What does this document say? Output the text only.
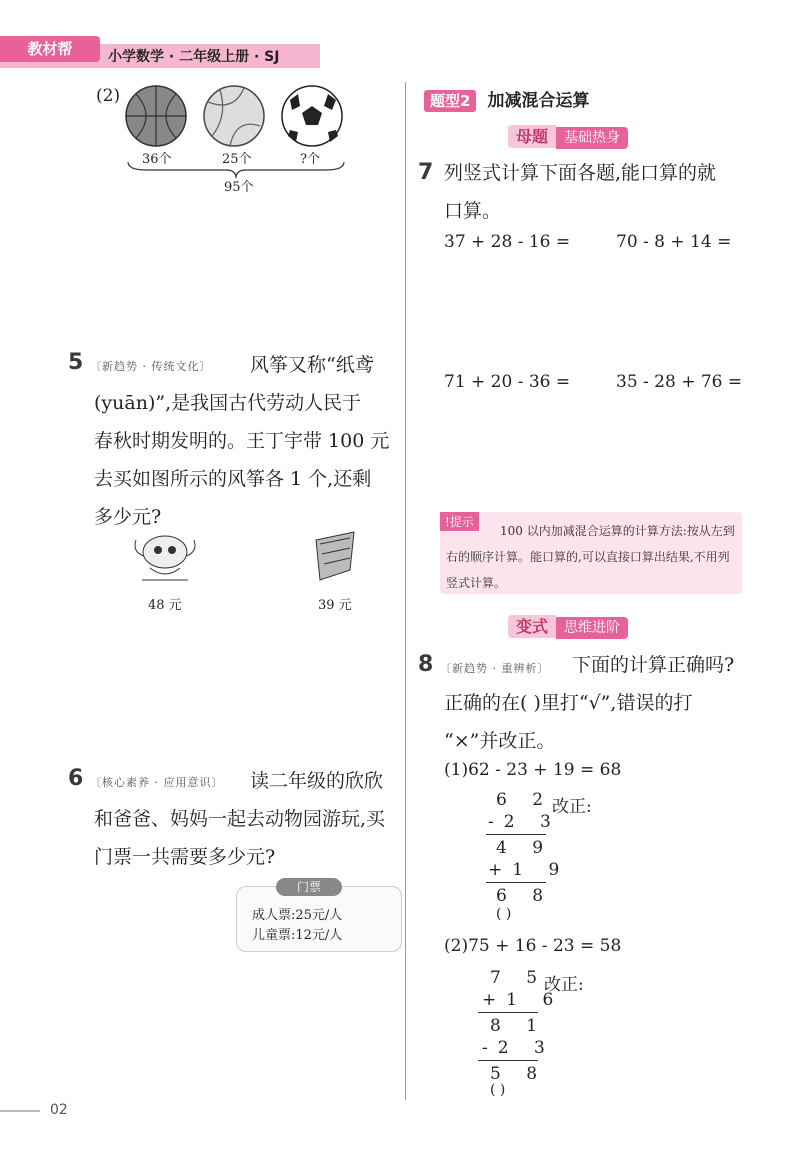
教材帮	小学数学 · 二年级上册 · SJ
(2)
36个	25个	?个
95个
5 〔新趋势 · 传统文化〕 风筝又称“纸鸢
(yuān)”,是我国古代劳动人民于
春秋时期发明的。王丁宇带 100 元
去买如图所示的风筝各 1 个,还剩
多少元?
48 元	39 元
6 〔核心素养 · 应用意识〕 读二年级的欣欣
和爸爸、妈妈一起去动物园游玩,买
门票一共需要多少元?
门票
成人票:25元/人
儿童票:12元/人
题型2 加减混合运算
母题 基础热身
7 列竖式计算下面各题,能口算的就
口算。
37 + 28 - 16 =	70 - 8 + 14 =
71 + 20 - 36 =	35 - 28 + 76 =
100 以内加减混合运算的计算方法:按从左到右的顺序计算。能口算的,可以直接口算出结果,不用列竖式计算。
!提示
变式 思维进阶
8 〔新趋势 · 重辨析〕 下面的计算正确吗?
正确的在( )里打“√”,错误的打
“×”并改正。
(1)62 - 23 + 19 = 68
6 2
-2 3
4 9
+1 9
6 8
( )
改正:
(2)75 + 16 - 23 = 58
7 5
+1 6
8 1
-2 3
5 8
( )
改正:
02
